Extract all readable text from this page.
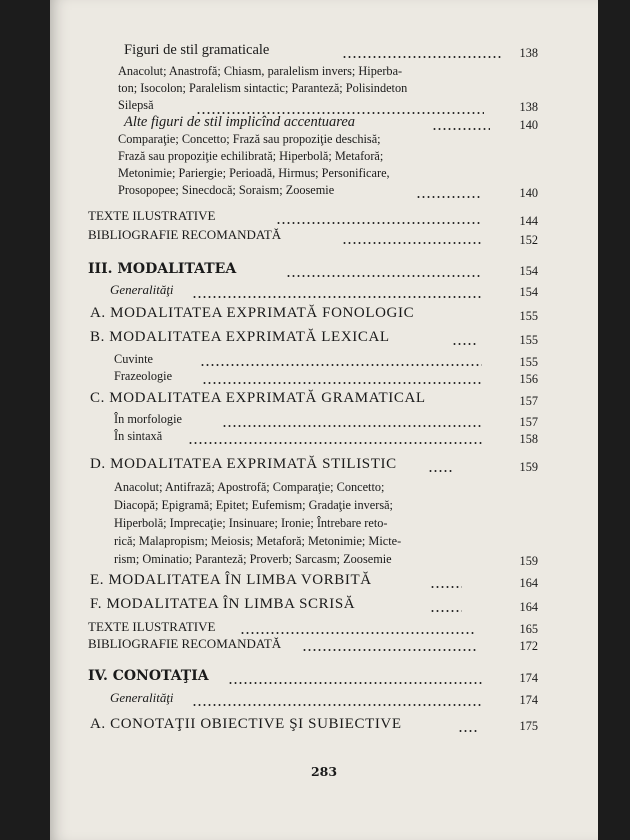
Figuri de stil gramaticale	138
Anacolut; Anastrofă; Chiasm, paralelism invers; Hiperba-
ton; Isocolon; Paralelism sintactic; Paranteză; Polisindeton
Silepsă	138
Alte figuri de stil implicînd accentuarea	140
Comparaţie; Concetto; Frază sau propoziţie deschisă;
Frază sau propoziţie echilibrată; Hiperbolă; Metaforă;
Metonimie; Pariergie; Perioadă, Hirmus; Personificare,
Prosopopee; Sinecdocă; Soraism; Zoosemie	140
TEXTE ILUSTRATIVE	144
BIBLIOGRAFIE RECOMANDATĂ	152
III. MODALITATEA	154
Generalităţi	154
A. MODALITATEA EXPRIMATĂ FONOLOGIC	155
B. MODALITATEA EXPRIMATĂ LEXICAL	155
Cuvinte	155
Frazeologie	156
C. MODALITATEA EXPRIMATĂ GRAMATICAL	157
În morfologie	157
În sintaxă	158
D. MODALITATEA EXPRIMATĂ STILISTIC	159
Anacolut; Antifrază; Apostrofă; Comparaţie; Concetto;
Diacopă; Epigramă; Epitet; Eufemism; Gradaţie inversă;
Hiperbolă; Imprecaţie; Insinuare; Ironie; Întrebare reto-
rică; Malapropism; Meiosis; Metaforă; Metonimie; Micte-
rism; Ominatio; Paranteză; Proverb; Sarcasm; Zoosemie	159
E. MODALITATEA ÎN LIMBA VORBITĂ	164
F. MODALITATEA ÎN LIMBA SCRISĂ	164
TEXTE ILUSTRATIVE	165
BIBLIOGRAFIE RECOMANDATĂ	172
IV. CONOTAŢIA	174
Generalităţi	174
A. CONOTAŢII OBIECTIVE ŞI SUBIECTIVE	175
283
